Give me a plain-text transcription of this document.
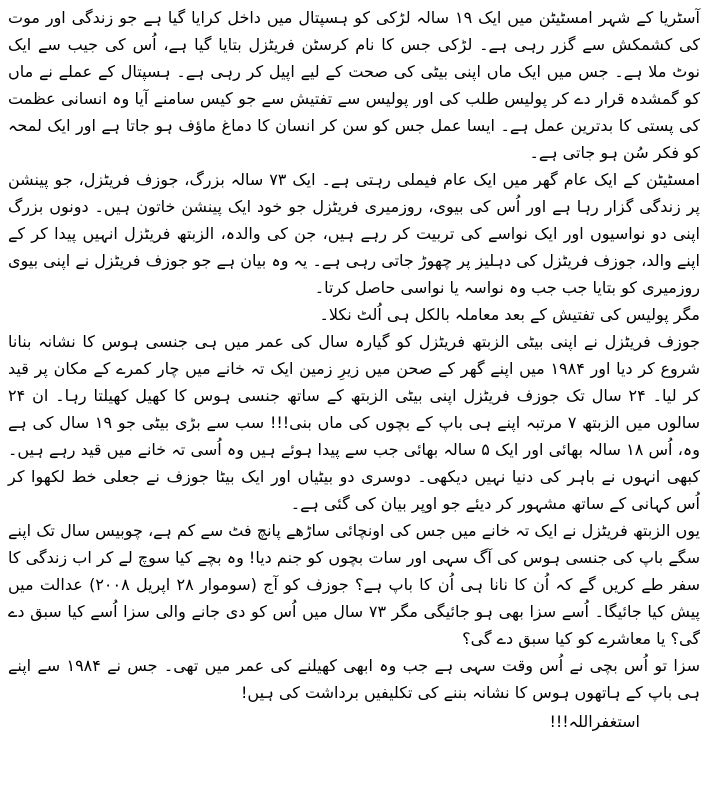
آسٹریا کے شہر امسٹیٹن میں ایک ۱۹ سالہ لڑکی کو ہسپتال میں داخل کرایا گیا ہے جو زندگی اور موت کی کشمکش سے گزر رہی ہے۔ لڑکی جس کا نام کرسٹن فریٹزل بتایا گیا ہے، اُس کی جیب سے ایک نوٹ ملا ہے۔ جس میں ایک ماں اپنی بیٹی کی صحت کے لیے اپیل کر رہی ہے۔ ہسپتال کے عملے نے ماں کو گمشدہ قرار دے کر پولیس طلب کی اور پولیس سے تفتیش سے جو کیس سامنے آیا وہ انسانی عظمت کی پستی کا بدترین عمل ہے۔ ایسا عمل جس کو سن کر انسان کا دماغ ماؤف ہو جاتا ہے اور ایک لمحہ کو فکر سُن ہو جاتی ہے۔

امسٹیٹن کے ایک عام گھر میں ایک عام فیملی رہتی ہے۔ ایک ۷۳ سالہ بزرگ، جوزف فریٹزل، جو پینشن پر زندگی گزار رہا ہے اور اُس کی بیوی، روزمیری فریٹزل جو خود ایک پینشن خاتون ہیں۔ دونوں بزرگ اپنی دو نواسیوں اور ایک نواسے کی تربیت کر رہے ہیں، جن کی والدہ، الزبتھ فریٹزل انہیں پیدا کر کے اپنے والد، جوزف فریٹزل کی دہلیز پر چھوڑ جاتی رہی ہے۔ یہ وہ بیان ہے جو جوزف فریٹزل نے اپنی بیوی روزمیری کو بتایا جب جب وہ نواسہ یا نواسی حاصل کرتا۔

مگر پولیس کی تفتیش کے بعد معاملہ بالکل ہی اُلٹ نکلا۔

جوزف فریٹزل نے اپنی بیٹی الزبتھ فریٹزل کو گیارہ سال کی عمر میں ہی جنسی ہوس کا نشانہ بنانا شروع کر دیا اور ۱۹۸۴ میں اپنے گھر کے صحن میں زیرِ زمین ایک تہ خانے میں چار کمرے کے مکان پر قید کر لیا۔ ۲۴ سال تک جوزف فریٹزل اپنی بیٹی الزبتھ کے ساتھ جنسی ہوس کا کھیل کھیلتا رہا۔ ان ۲۴ سالوں میں الزبتھ ۷ مرتبہ اپنے ہی باپ کے بچوں کی ماں بنی!!! سب سے بڑی بیٹی جو ۱۹ سال کی ہے وہ، اُس ۱۸ سالہ بھائی اور ایک ۵ سالہ بھائی جب سے پیدا ہوئے ہیں وہ اُسی تہ خانے میں قید رہے ہیں۔ کبھی انہوں نے باہر کی دنیا نہیں دیکھی۔ دوسری دو بیٹیاں اور ایک بیٹا جوزف نے جعلی خط لکھوا کر اُس کہانی کے ساتھ مشہور کر دیئے جو اوپر بیان کی گئی ہے۔

یوں الزبتھ فریٹزل نے ایک تہ خانے میں جس کی اونچائی ساڑھے پانچ فٹ سے کم ہے، چوبیس سال تک اپنے سگے باپ کی جنسی ہوس کی آگ سہی اور سات بچوں کو جنم دیا! وہ بچے کیا سوچ لے کر اب زندگی کا سفر طے کریں گے کہ اُن کا نانا ہی اُن کا باپ ہے؟ جوزف کو آج (سوموار ۲۸ اپریل ۲۰۰۸) عدالت میں پیش کیا جائیگا۔ اُسے سزا بھی ہو جائیگی مگر ۷۳ سال میں اُس کو دی جانے والی سزا اُسے کیا سبق دے گی؟ یا معاشرے کو کیا سبق دے گی؟

سزا تو اُس بچی نے اُس وقت سہی ہے جب وہ ابھی کھیلنے کی عمر میں تھی۔ جس نے ۱۹۸۴ سے اپنے ہی باپ کے ہاتھوں ہوس کا نشانہ بننے کی تکلیفیں برداشت کی ہیں!

استغفراللہ!!!
